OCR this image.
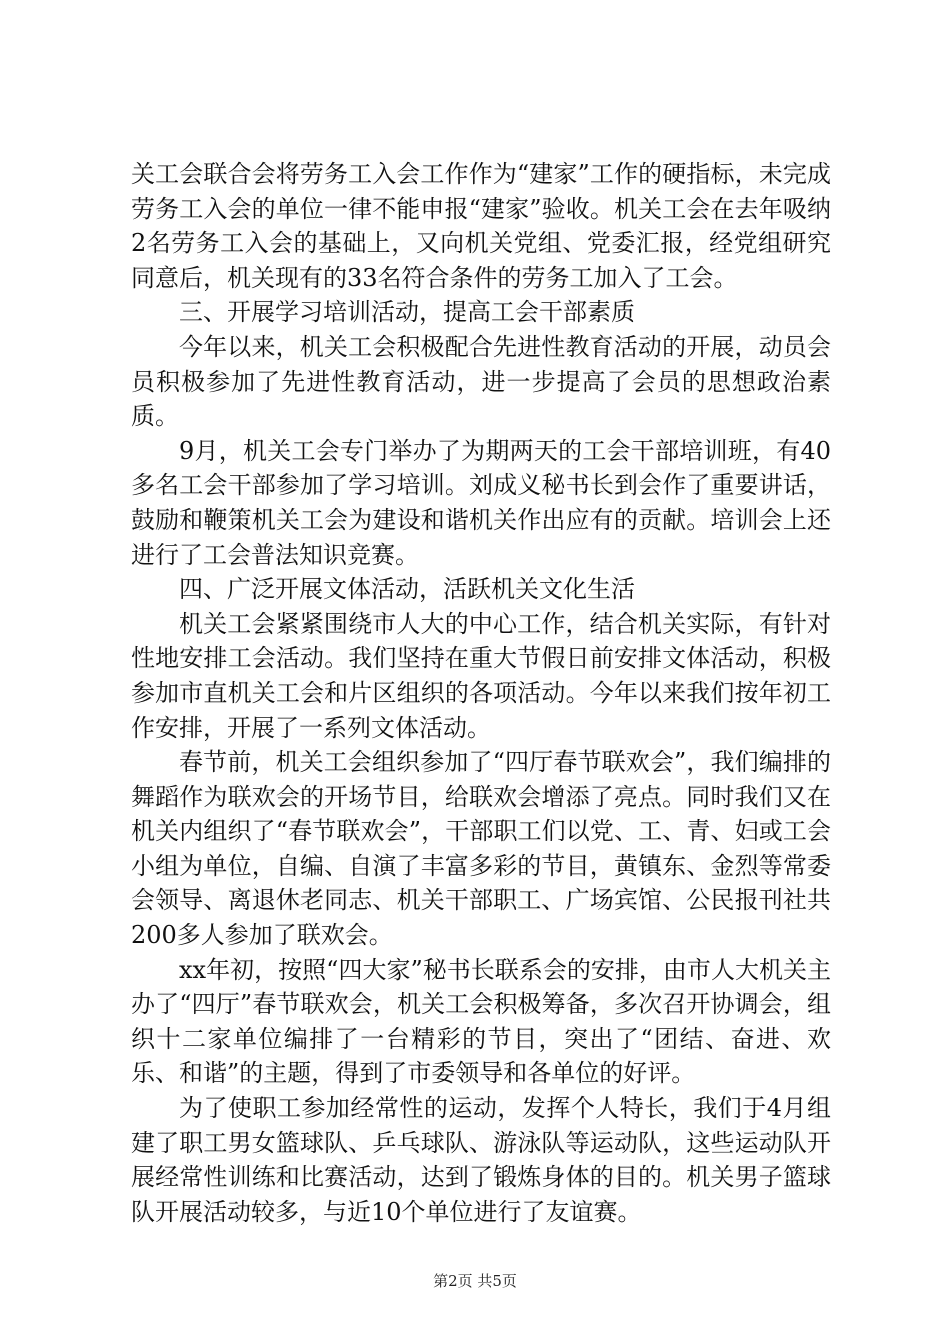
关工会联合会将劳务工入会工作作为“建家”工作的硬指标，未完成劳务工入会的单位一律不能申报“建家”验收。机关工会在去年吸纳2名劳务工入会的基础上，又向机关党组、党委汇报，经党组研究同意后，机关现有的33名符合条件的劳务工加入了工会。

三、开展学习培训活动，提高工会干部素质

今年以来，机关工会积极配合先进性教育活动的开展，动员会员积极参加了先进性教育活动，进一步提高了会员的思想政治素质。

9月，机关工会专门举办了为期两天的工会干部培训班，有40多名工会干部参加了学习培训。刘成义秘书长到会作了重要讲话，鼓励和鞭策机关工会为建设和谐机关作出应有的贡献。培训会上还进行了工会普法知识竞赛。

四、广泛开展文体活动，活跃机关文化生活

机关工会紧紧围绕市人大的中心工作，结合机关实际，有针对性地安排工会活动。我们坚持在重大节假日前安排文体活动，积极参加市直机关工会和片区组织的各项活动。今年以来我们按年初工作安排，开展了一系列文体活动。

春节前，机关工会组织参加了“四厅春节联欢会”，我们编排的舞蹈作为联欢会的开场节目，给联欢会增添了亮点。同时我们又在机关内组织了“春节联欢会”，干部职工们以党、工、青、妇或工会小组为单位，自编、自演了丰富多彩的节目，黄镇东、金烈等常委会领导、离退休老同志、机关干部职工、广场宾馆、公民报刊社共200多人参加了联欢会。

xx年初，按照“四大家”秘书长联系会的安排，由市人大机关主办了“四厅”春节联欢会，机关工会积极筹备，多次召开协调会，组织十二家单位编排了一台精彩的节目，突出了“团结、奋进、欢乐、和谐”的主题，得到了市委领导和各单位的好评。

为了使职工参加经常性的运动，发挥个人特长，我们于4月组建了职工男女篮球队、乒乓球队、游泳队等运动队，这些运动队开展经常性训练和比赛活动，达到了锻炼身体的目的。机关男子篮球队开展活动较多，与近10个单位进行了友谊赛。

第2页 共5页
